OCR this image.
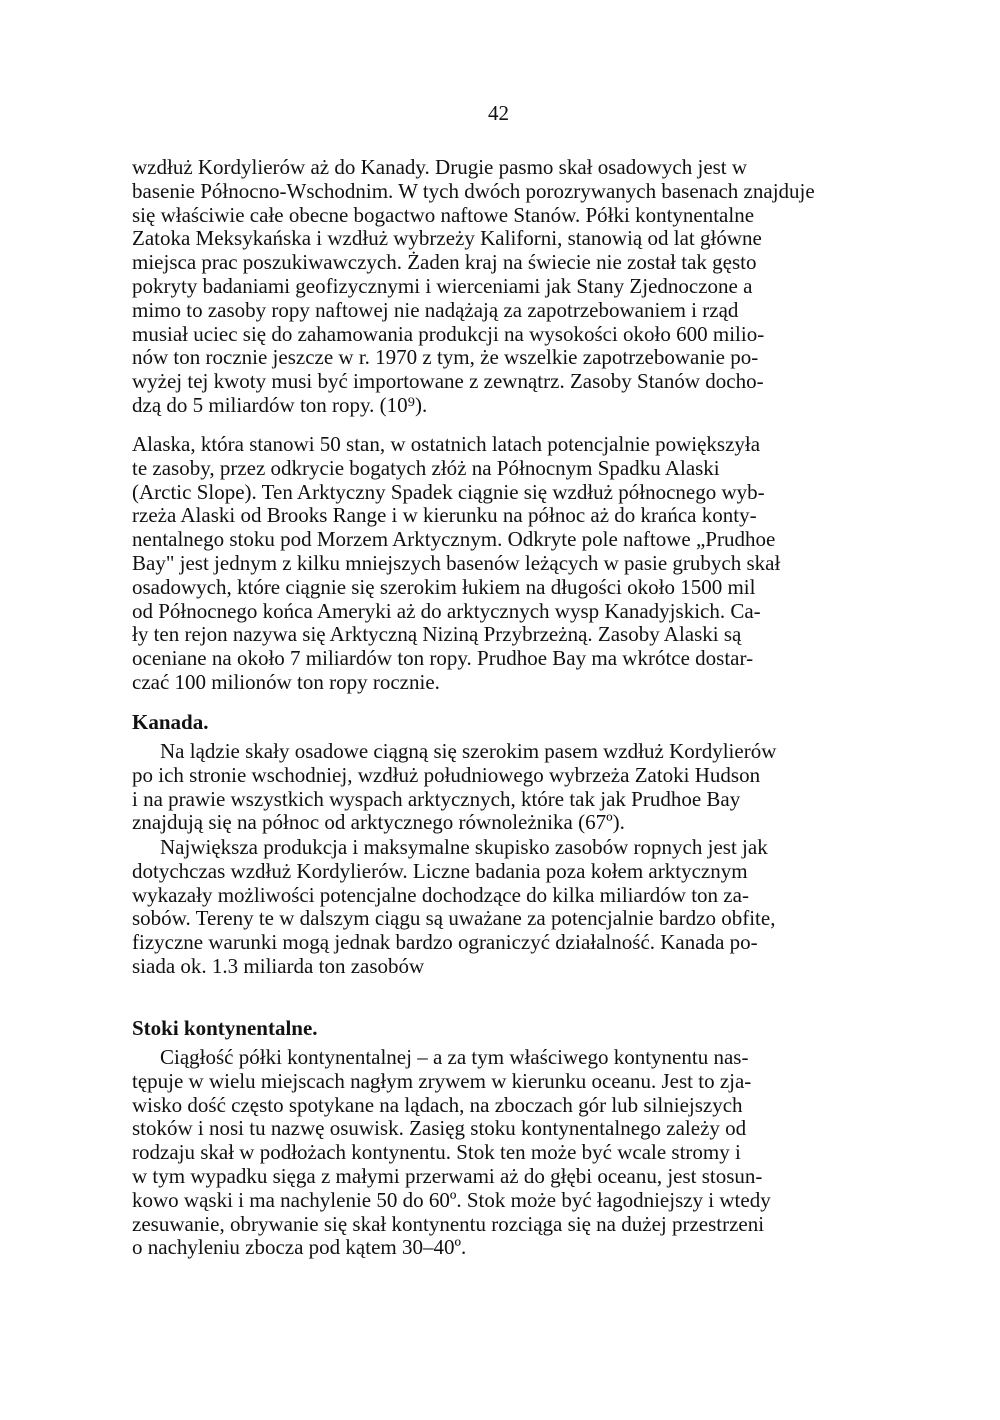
42

wzdłuż Kordylierów aż do Kanady. Drugie pasmo skał osadowych jest w
basenie Północno-Wschodnim. W tych dwóch porozrywanych basenach znajduje
się właściwie całe obecne bogactwo naftowe Stanów. Półki kontynentalne
Zatoka Meksykańska i wzdłuż wybrzeży Kaliforni, stanowią od lat główne
miejsca prac poszukiwawczych. Żaden kraj na świecie nie został tak gęsto
pokryty badaniami geofizycznymi i wierceniami jak Stany Zjednoczone a
mimo to zasoby ropy naftowej nie nadążają za zapotrzebowaniem i rząd
musiał uciec się do zahamowania produkcji na wysokości około 600 milio-
nów ton rocznie jeszcze w r. 1970 z tym, że wszelkie zapotrzebowanie po-
wyżej tej kwoty musi być importowane z zewnątrz. Zasoby Stanów docho-
dzą do 5 miliardów ton ropy. (10⁹).

Alaska, która stanowi 50 stan, w ostatnich latach potencjalnie powiększyła
te zasoby, przez odkrycie bogatych złóż na Północnym Spadku Alaski
(Arctic Slope). Ten Arktyczny Spadek ciągnie się wzdłuż północnego wyb-
rzeża Alaski od Brooks Range i w kierunku na północ aż do krańca konty-
nentalnego stoku pod Morzem Arktycznym. Odkryte pole naftowe „Prudhoe
Bay" jest jednym z kilku mniejszych basenów leżących w pasie grubych skał
osadowych, które ciągnie się szerokim łukiem na długości około 1500 mil
od Północnego końca Ameryki aż do arktycznych wysp Kanadyjskich. Ca-
ły ten rejon nazywa się Arktyczną Niziną Przybrzeżną. Zasoby Alaski są
oceniane na około 7 miliardów ton ropy. Prudhoe Bay ma wkrótce dostar-
czać 100 milionów ton ropy rocznie.

Kanada.

Na lądzie skały osadowe ciągną się szerokim pasem wzdłuż Kordylierów
po ich stronie wschodniej, wzdłuż południowego wybrzeża Zatoki Hudson
i na prawie wszystkich wyspach arktycznych, które tak jak Prudhoe Bay
znajdują się na północ od arktycznego równoleżnika (67º).

Największa produkcja i maksymalne skupisko zasobów ropnych jest jak
dotychczas wzdłuż Kordylierów. Liczne badania poza kołem arktycznym
wykazały możliwości potencjalne dochodzące do kilka miliardów ton za-
sobów. Tereny te w dalszym ciągu są uważane za potencjalnie bardzo obfite,
fizyczne warunki mogą jednak bardzo ograniczyć działalność. Kanada po-
siada ok. 1.3 miliarda ton zasobów

Stoki kontynentalne.

Ciągłość półki kontynentalnej – a za tym właściwego kontynentu nas-
tępuje w wielu miejscach nagłym zrywem w kierunku oceanu. Jest to zja-
wisko dość często spotykane na lądach, na zboczach gór lub silniejszych
stoków i nosi tu nazwę osuwisk. Zasięg stoku kontynentalnego zależy od
rodzaju skał w podłożach kontynentu. Stok ten może być wcale stromy i
w tym wypadku sięga z małymi przerwami aż do głębi oceanu, jest stosun-
kowo wąski i ma nachylenie 50 do 60º. Stok może być łagodniejszy i wtedy
zesuwanie, obrywanie się skał kontynentu rozciąga się na dużej przestrzeni
o nachyleniu zbocza pod kątem 30–40º.
